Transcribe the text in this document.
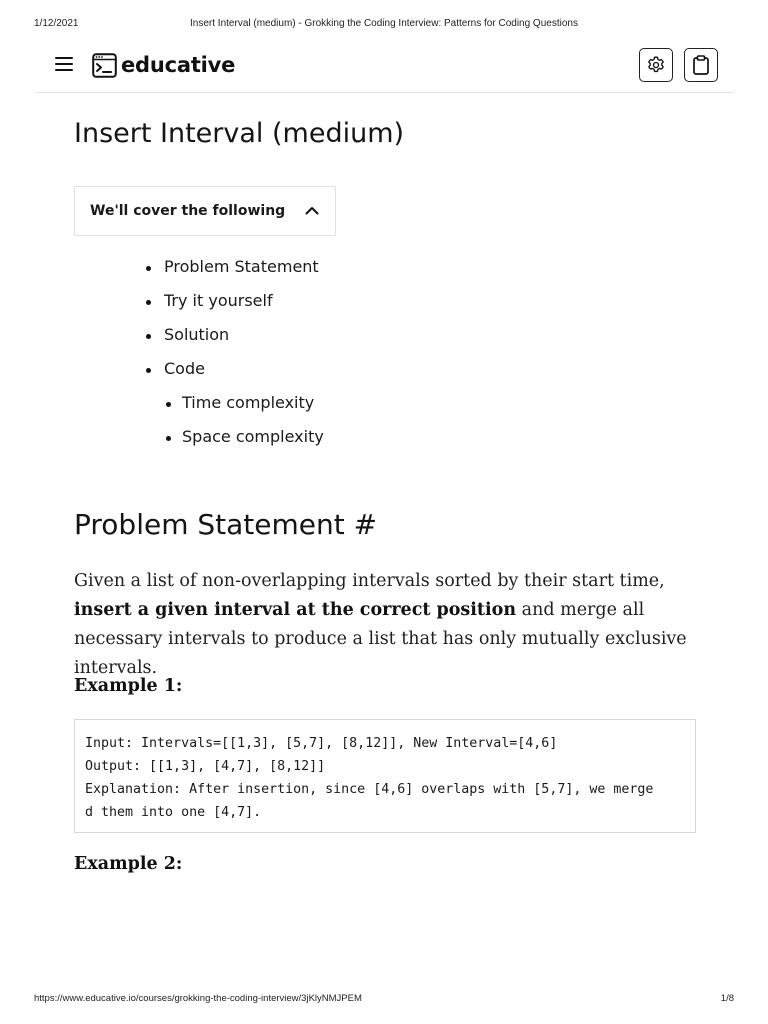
1/12/2021	Insert Interval (medium) - Grokking the Coding Interview: Patterns for Coding Questions
educative
Insert Interval (medium)
We'll cover the following
Problem Statement
Try it yourself
Solution
Code
Time complexity
Space complexity
Problem Statement #

Given a list of non-overlapping intervals sorted by their start time, insert a given interval at the correct position and merge all necessary intervals to produce a list that has only mutually exclusive intervals.

Example 1:

Input: Intervals=[[1,3], [5,7], [8,12]], New Interval=[4,6]
Output: [[1,3], [4,7], [8,12]]
Explanation: After insertion, since [4,6] overlaps with [5,7], we merge
d them into one [4,7].

Example 2:

https://www.educative.io/courses/grokking-the-coding-interview/3jKlyNMJPEM	1/8
